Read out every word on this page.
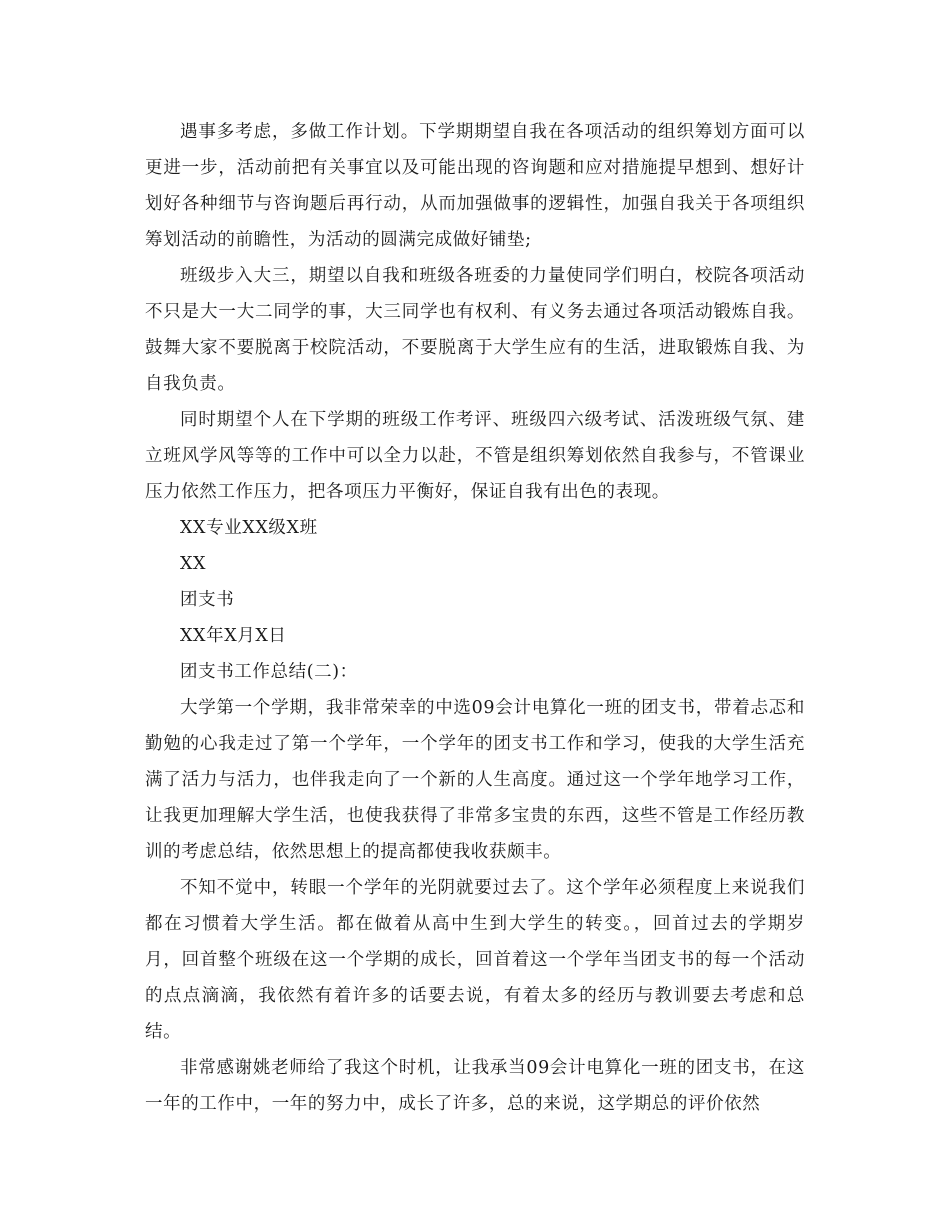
遇事多考虑，多做工作计划。下学期期望自我在各项活动的组织筹划方面可以更进一步，活动前把有关事宜以及可能出现的咨询题和应对措施提早想到、想好计划好各种细节与咨询题后再行动，从而加强做事的逻辑性，加强自我关于各项组织筹划活动的前瞻性，为活动的圆满完成做好铺垫;

班级步入大三，期望以自我和班级各班委的力量使同学们明白，校院各项活动不只是大一大二同学的事，大三同学也有权利、有义务去通过各项活动锻炼自我。鼓舞大家不要脱离于校院活动，不要脱离于大学生应有的生活，进取锻炼自我、为自我负责。

同时期望个人在下学期的班级工作考评、班级四六级考试、活泼班级气氛、建立班风学风等等的工作中可以全力以赴，不管是组织筹划依然自我参与，不管课业压力依然工作压力，把各项压力平衡好，保证自我有出色的表现。

XX专业XX级X班

XX

团支书

XX年X月X日

团支书工作总结(二)：

大学第一个学期，我非常荣幸的中选09会计电算化一班的团支书，带着忐忑和勤勉的心我走过了第一个学年，一个学年的团支书工作和学习，使我的大学生活充满了活力与活力，也伴我走向了一个新的人生高度。通过这一个学年地学习工作，让我更加理解大学生活，也使我获得了非常多宝贵的东西，这些不管是工作经历教训的考虑总结，依然思想上的提高都使我收获颇丰。

不知不觉中，转眼一个学年的光阴就要过去了。这个学年必须程度上来说我们都在习惯着大学生活。都在做着从高中生到大学生的转变。，回首过去的学期岁月，回首整个班级在这一个学期的成长，回首着这一个学年当团支书的每一个活动的点点滴滴，我依然有着许多的话要去说，有着太多的经历与教训要去考虑和总结。

非常感谢姚老师给了我这个时机，让我承当09会计电算化一班的团支书，在这一年的工作中，一年的努力中，成长了许多，总的来说，这学期总的评价依然
